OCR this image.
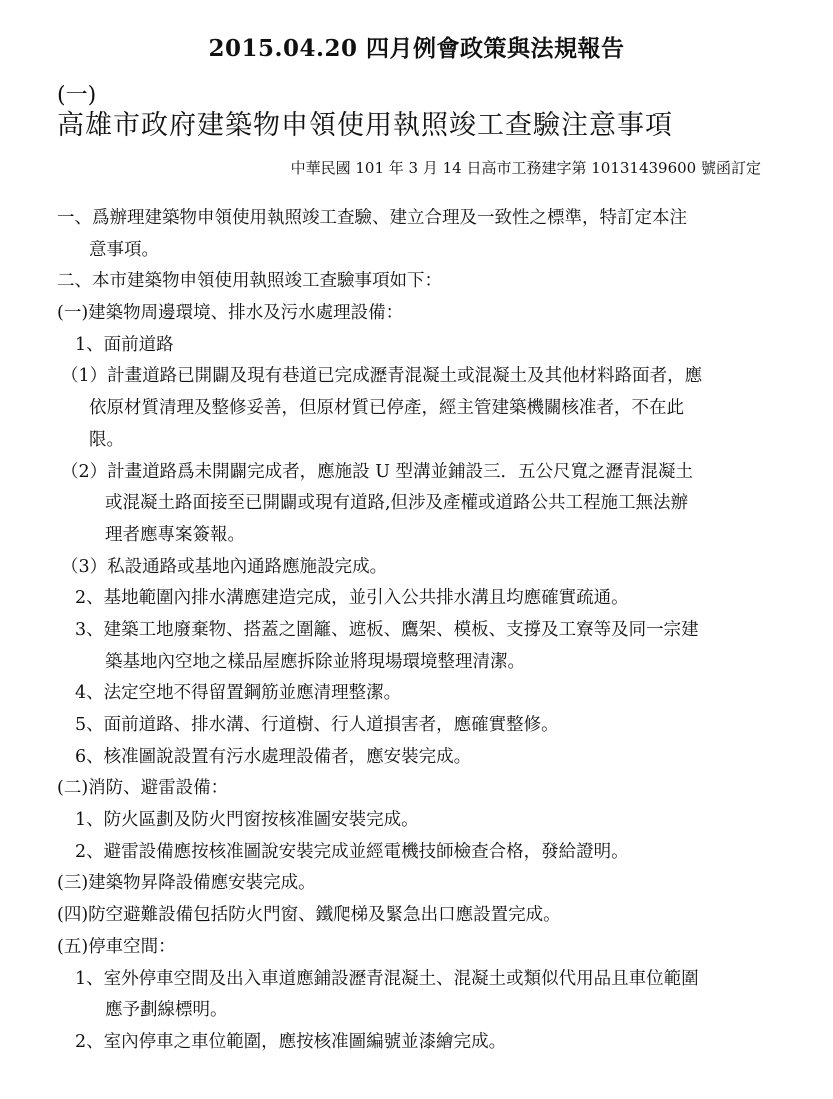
2015.04.20 四月例會政策與法規報告
(一)
高雄市政府建築物申領使用執照竣工查驗注意事項
中華民國 101 年 3 月 14 日高市工務建字第 10131439600 號函訂定
一、爲辦理建築物申領使用執照竣工查驗、建立合理及一致性之標準，特訂定本注
意事項。
二、本市建築物申領使用執照竣工查驗事項如下：
(一)建築物周邊環境、排水及污水處理設備：
1、面前道路
（1）計畫道路已開闢及現有巷道已完成瀝青混凝土或混凝土及其他材料路面者，應
依原材質清理及整修妥善，但原材質已停產，經主管建築機關核准者，不在此
限。
（2）計畫道路爲未開闢完成者，應施設 U 型溝並鋪設三．五公尺寬之瀝青混凝土
或混凝土路面接至已開闢或現有道路,但涉及產權或道路公共工程施工無法辦
理者應專案簽報。
（3）私設通路或基地內通路應施設完成。
2、基地範圍內排水溝應建造完成，並引入公共排水溝且均應確實疏通。
3、建築工地廢棄物、搭蓋之圍籬、遮板、鷹架、模板、支撐及工寮等及同一宗建
築基地內空地之樣品屋應拆除並將現場環境整理清潔。
4、法定空地不得留置鋼筋並應清理整潔。
5、面前道路、排水溝、行道樹、行人道損害者，應確實整修。
6、核准圖說設置有污水處理設備者，應安裝完成。
(二)消防、避雷設備：
1、防火區劃及防火門窗按核准圖安裝完成。
2、避雷設備應按核准圖說安裝完成並經電機技師檢查合格，發給證明。
(三)建築物昇降設備應安裝完成。
(四)防空避難設備包括防火門窗、鐵爬梯及緊急出口應設置完成。
(五)停車空間：
1、室外停車空間及出入車道應鋪設瀝青混凝土、混凝土或類似代用品且車位範圍
應予劃線標明。
2、室內停車之車位範圍，應按核准圖編號並漆繪完成。
